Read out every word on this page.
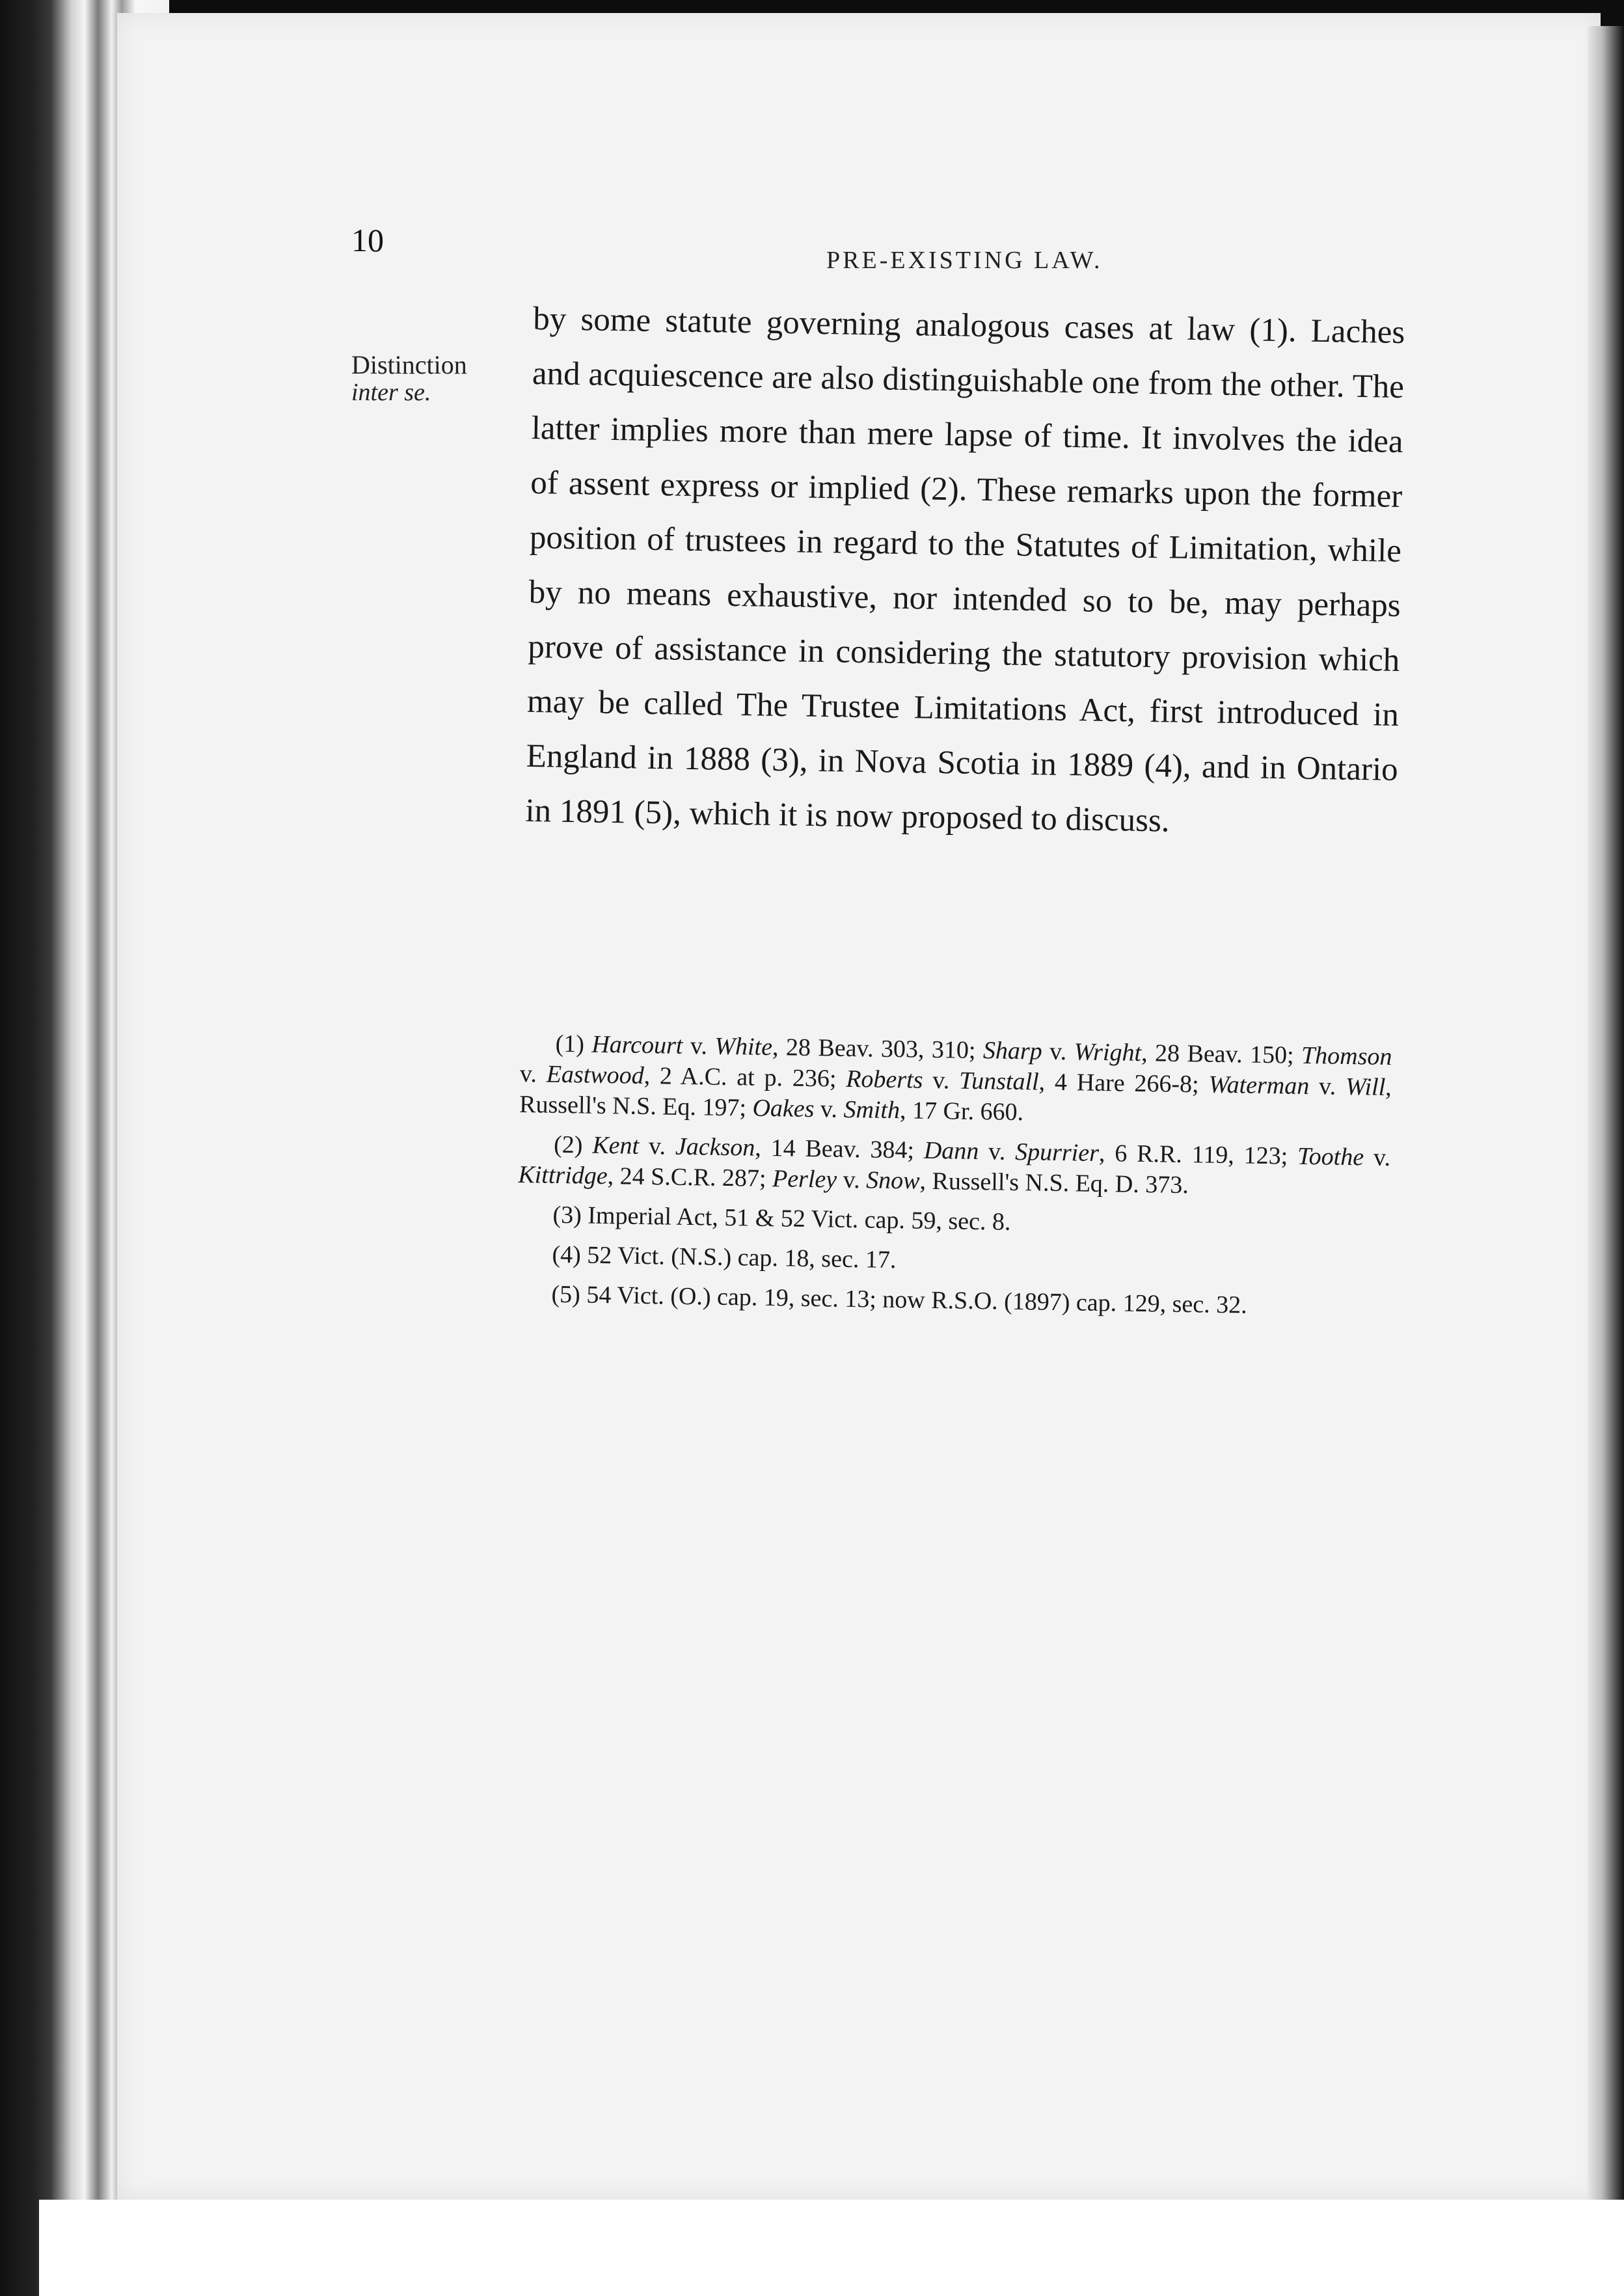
10
PRE-EXISTING LAW.
Distinction
inter se.

by some statute governing analogous cases at law (1). Laches and acquiescence are also distinguishable one from the other. The latter implies more than mere lapse of time. It involves the idea of assent express or implied (2). These remarks upon the former position of trustees in regard to the Statutes of Limitation, while by no means exhaustive, nor intended so to be, may perhaps prove of assistance in considering the statutory provision which may be called The Trustee Limitations Act, first introduced in England in 1888 (3), in Nova Scotia in 1889 (4), and in Ontario in 1891 (5), which it is now proposed to discuss.

(1) Harcourt v. White, 28 Beav. 303, 310; Sharp v. Wright, 28 Beav. 150; Thomson v. Eastwood, 2 A.C. at p. 236; Roberts v. Tunstall, 4 Hare 266-8; Waterman v. Will, Russell's N.S. Eq. 197; Oakes v. Smith, 17 Gr. 660.

(2) Kent v. Jackson, 14 Beav. 384; Dann v. Spurrier, 6 R.R. 119, 123; Toothe v. Kittridge, 24 S.C.R. 287; Perley v. Snow, Russell's N.S. Eq. D. 373.

(3) Imperial Act, 51 & 52 Vict. cap. 59, sec. 8.

(4) 52 Vict. (N.S.) cap. 18, sec. 17.

(5) 54 Vict. (O.) cap. 19, sec. 13; now R.S.O. (1897) cap. 129, sec. 32.
